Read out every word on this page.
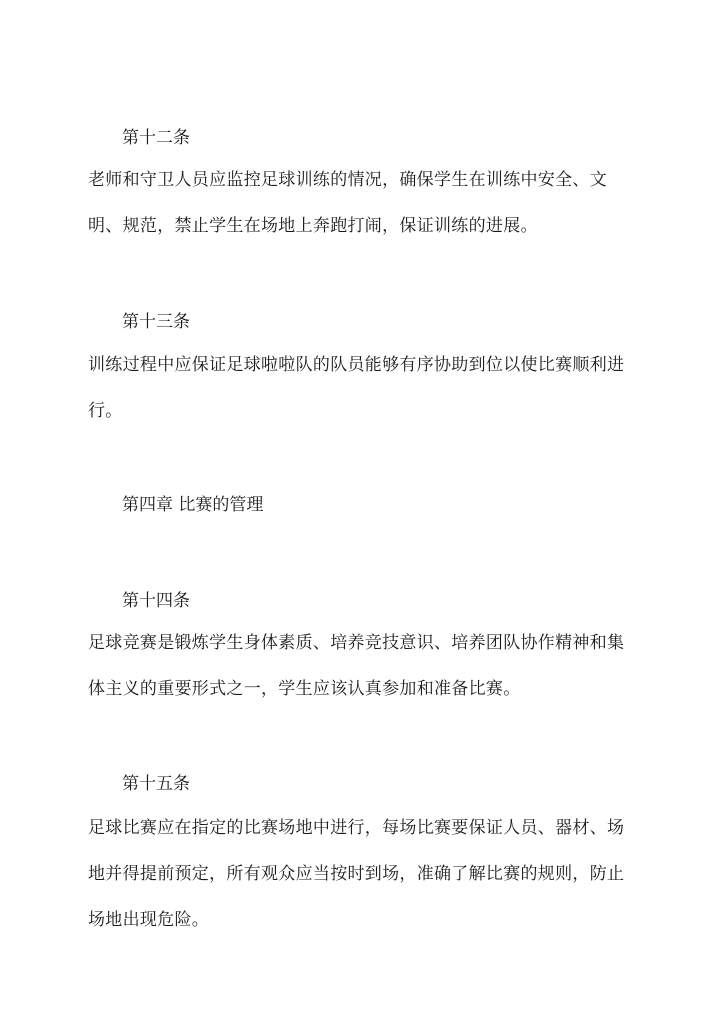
第十二条
老师和守卫人员应监控足球训练的情况，确保学生在训练中安全、文明、规范，禁止学生在场地上奔跑打闹，保证训练的进展。
第十三条
训练过程中应保证足球啦啦队的队员能够有序协助到位以使比赛顺利进行。
第四章 比赛的管理
第十四条
足球竞赛是锻炼学生身体素质、培养竞技意识、培养团队协作精神和集体主义的重要形式之一，学生应该认真参加和准备比赛。
第十五条
足球比赛应在指定的比赛场地中进行，每场比赛要保证人员、器材、场地并得提前预定，所有观众应当按时到场，准确了解比赛的规则，防止场地出现危险。
